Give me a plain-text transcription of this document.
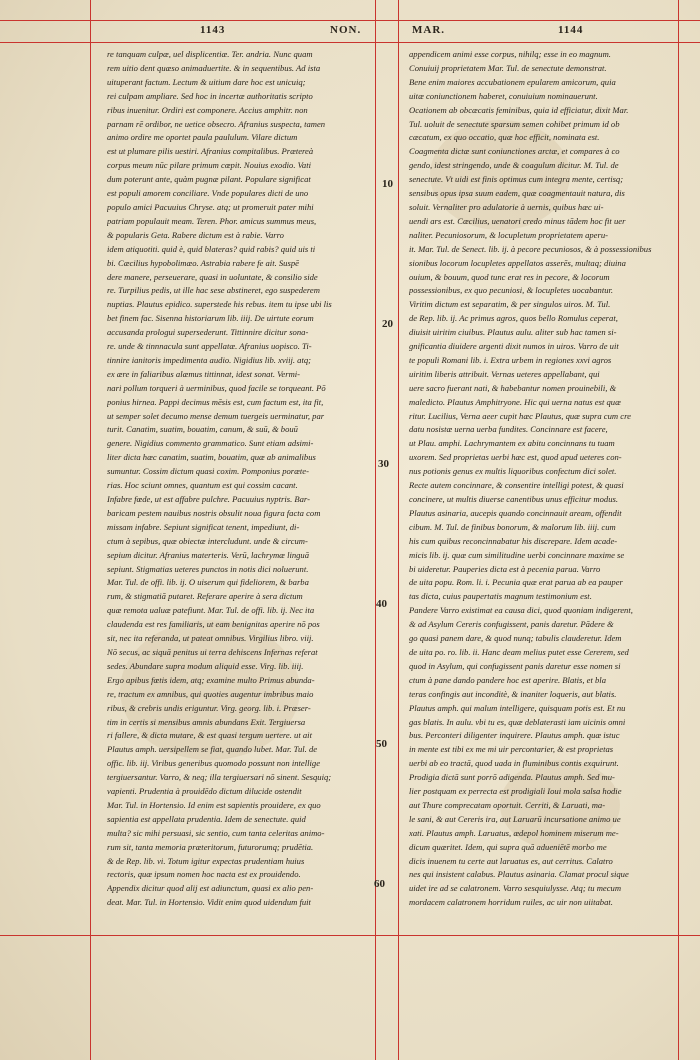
1143	NON.	MAR.	1144
10
20
30
40
50
60
re tanquam culpæ, uel displicentiæ. Ter. andria. Nunc quam
rem uitio dent quæso animaduertite. & in sequentibus. Ad ista
uituperant factum. Lectum & uitium dare hoc est unicuiq;
rei culpam ampliare. Sed hoc in incertæ authoritatis scripto
ribus inuenitur. Ordiri est componere. Accius amphitr. non
parnam rē ordibor, ne uetice obsecro. Afranius suspecta, tamen
animo ordire me oportet paula paululum. Vilare dictum
est ut plumare pilis uestiri. Afranius compitalibus. Prætereà
corpus meum nūc pilare primum cœpit. Nouius exodio. Vati
dum poterunt ante, quàm pugnæ pilant. Populare significat
est populi amorem conciliare. Vnde populares dicti de uno
populo amici Pacuuius Chryse. atq; ut promeruit pater mihi
patriam populauit meam. Teren. Phor. amicus summus meus,
& popularis Geta. Rabere dictum est à rabie. Varro
idem atiquotiti. quid è, quid blateras? quid rabis? quid uis ti
bi. Cæcilius hypobolimæo. Astrabia rabere fe ait. Suspē
dere manere, perseuerare, quasi in uoluntate, & consilio side
re. Turpilius pedis, ut ille hac sese abstineret, ego suspederem
nuptias. Plautus epidico. superstede his rebus. item tu ipse ubi lis
bet finem fac. Sisenna historiarum lib. iiij. De uirtute eorum
accusanda prologui supersederunt. Tittinnire dicitur sona-
re. unde & tinnnacula sunt appellatæ. Afranius uopisco. Ti-
tinnire ianitoris impedimenta audio. Nigidius lib. xviij. atq;
ex ære in faliaribus alæmus tittinnat, idest sonat. Vermi-
nari pollum torqueri à uerminibus, quod facile se torqueant. Pō
ponius hirnea. Pappi decimus mēsis est, cum factum est, ita fit,
ut semper solet decumo mense demum tuergeis uerminatur, par
turit. Canatim, suatim, bouatim, canum, & suū, & bouū
genere. Nigidius commento grammatico. Sunt etiam adsimi-
liter dicta hæc canatim, suatim, bouatim, quæ ab animalibus
sumuntur. Cossim dictum quasi coxim. Pomponius poræte-
rias. Hoc sciunt omnes, quantum est qui cossim cacant.
Infabre fœde, ut est affabre pulchre. Pacuuius nyptris. Bar-
baricam pestem nauibus nostris obsulit noua figura facta com
missam infabre. Sepiunt significat tenent, impediunt, di-
ctum à sepibus, quæ obiectæ intercludunt. unde & circum-
sepium dicitur. Afranius materteris. Verū, lachrymæ linguā
sepiunt. Stigmatias ueteres punctos in notis dici noluerunt.
Mar. Tul. de offi. lib. ij. O uiserum qui fideliorem, & barba
rum, & stigmatiā putaret. Referare aperire à sera dictum
quæ remota ualuæ patefiunt. Mar. Tul. de offi. lib. ij. Nec ita
claudenda est res familiaris, ut eam benignitas aperire nō pos
sit, nec ita referanda, ut pateat omnibus. Virgilius libro. viij.
Nō secus, ac siquā penitus ui terra dehiscens Infernas referat
sedes. Abundare supra modum aliquid esse. Virg. lib. iiij.
Ergo apibus fœtis idem, atq; examine multo Primus abunda-
re, tractum ex amnibus, qui quoties augentur imbribus maio
ribus, & crebris undis eriguntur. Virg. georg. lib. i. Præser-
tim in certis si mensibus amnis abundans Exit. Tergiuersa
ri fallere, & dicta mutare, & est quasi tergum uertere. ut ait
Plautus amph. uersipellem se fiat, quando lubet. Mar. Tul. de
offic. lib. iij. Viribus generibus quomodo possunt non intellige
tergiuersantur. Varro, & neq; illa tergiuersari nō sinent. Sesquiq;
vapienti. Prudentia à prouidēdo dictum dilucide ostendit
Mar. Tul. in Hortensio. Id enim est sapientis prouidere, ex quo
sapientia est appellata prudentia. Idem de senectute. quid
multa? sic mihi persuasi, sic sentio, cum tanta celeritas animo-
rum sit, tanta memoria præteritorum, futurorumq; prudētia.
& de Rep. lib. vi. Totum igitur expectas prudentiam huius
rectoris, quæ ipsum nomen hoc nacta est ex prouidendo.
Appendix dicitur quod alij est adiunctum, quasi ex alio pen-
deat. Mar. Tul. in Hortensio. Vidit enim quod uidendum fuit
appendicem animi esse corpus, nihilq; esse in eo magnum.
Conuiuij proprietatem Mar. Tul. de senectute demonstrat.
Bene enim maiores accubationem epularem amicorum, quia
uitæ coniunctionem haberet, conuiuium nominauerunt.
Ocationem ab obcæcatis feminibus, quia id efficiatur, dixit Mar.
Tul. uoluit de senectute sparsum semen cohibet primum id ob
cæcatum, ex quo occatio, quæ hoc efficit, nominata est.
Coagmenta dictæ sunt coniunctiones arctæ, et compares à co
gendo, idest stringendo, unde & coagulum dicitur. M. Tul. de
senectute. Vt uidi est finis optimus cum integra mente, certisq;
sensibus opus ipsa suum eadem, quæ coagmentauit natura, dis
soluit. Vernaliter pro adulatorie à uernis, quibus hæc ui-
uendi ars est. Cæcilius, uenatori credo minus tādem hoc fit uer
naliter. Pecuniosorum, & locupletum proprietatem aperu-
it. Mar. Tul. de Senect. lib. ij. à pecore pecuniosos, & à possessionibus
sionibus locorum locupletes appellatos asserēs, multaq; diuina
ouium, & bouum, quod tunc erat res in pecore, & locorum
possessionibus, ex quo pecuniosi, & locupletes uocabantur.
Viritim dictum est separatim, & per singulos uiros. M. Tul.
de Rep. lib. ij. Ac primus agros, quos bello Romulus ceperat,
diuisit uiritim ciuibus. Plautus aulu. aliter sub hac tamen si-
gnificantia diuidere argenti dixit numos in uiros. Varro de uit
te populi Romani lib. i. Extra urbem in regiones xxvi agros
uiritim liberis attribuit. Vernas ueteres appellabant, qui
uere sacro fuerant nati, & habebantur nomen prouinebili, &
maledicto. Plautus Amphitryone. Hic qui uerna natus est quæ
ritur. Lucilius, Verna aeer cupit hæc Plautus, quæ supra cum cre
datu nosistæ uerna uerba fundites. Concinnare est facere,
ut Plau. amphi. Lachrymantem ex abitu concinnans tu tuam
uxorem. Sed proprietas uerbi hæc est, quod apud ueteres con-
nus potionis genus ex multis liquoribus confectum dici solet.
Recte autem concinnare, & consentire intelligi potest, & quasi
concinere, ut multis diuerse canentibus unus efficitur modus.
Plautus asinaria, aucepis quando concinnauit aream, offendit
cibum. M. Tul. de finibus bonorum, & malorum lib. iiij. cum
his cum quibus reconcinnabatur his discrepare. Idem acade-
micis lib. ij. quæ cum similitudine uerbi concinnare maxime se
bi uideretur. Pauperies dicta est à pecenia parua. Varro
de uita popu. Rom. li. i. Pecunia quæ erat parua ab ea pauper
tas dicta, cuius paupertatis magnum testimonium est.
Pandere Varro existimat ea causa dici, quod quoniam indigerent,
& ad Asylum Cereris confugissent, panis daretur. Pādere &
go quasi panem dare, & quod nunq; tabulis clauderetur. Idem
de uita po. ro. lib. ii. Hanc deam melius putet esse Cererem, sed
quod in Asylum, qui confugissent panis daretur esse nomen si
ctum à pane dando pandere hoc est aperire. Blatis, et bla
teras confingis aut inconditè, & inaniter loqueris, aut blatis.
Plautus amph. qui malum intelligere, quisquam potis est. Et nu
gas blatis. In aulu. vbi tu es, quæ deblaterasti iam uicinis omni
bus. Perconteri diligenter inquirere. Plautus amph. quæ istuc
in mente est tibi ex me mi uir percontarier, & est proprietas
uerbi ab eo tractā, quod uada in fluminibus contis exquirunt.
Prodigia dictā sunt porrō adigenda. Plautus amph. Sed mu-
lier postquam ex perrecta est prodigiali Ioui mola salsa hodie
aut Thure comprecatam oportuit. Cerriti, & Laruati, ma-
le sani, & aut Cereris ira, aut Laruarū incursatione animo ue
xati. Plautus amph. Laruatus, ædepol hominem miserum me-
dicum quæritet. Idem, qui supra quā adueniētē morbo me
dicis inuenem tu certe aut laruatus es, aut cerritus. Calatro
nes qui insistent calabus. Plautus asinaria. Clamat procul sique
uidet ire ad se calatronem. Varro sesquiulysse. Atq; tu mecum
mordacem calatronem horridum ruiles, ac uir non uiitabat.
